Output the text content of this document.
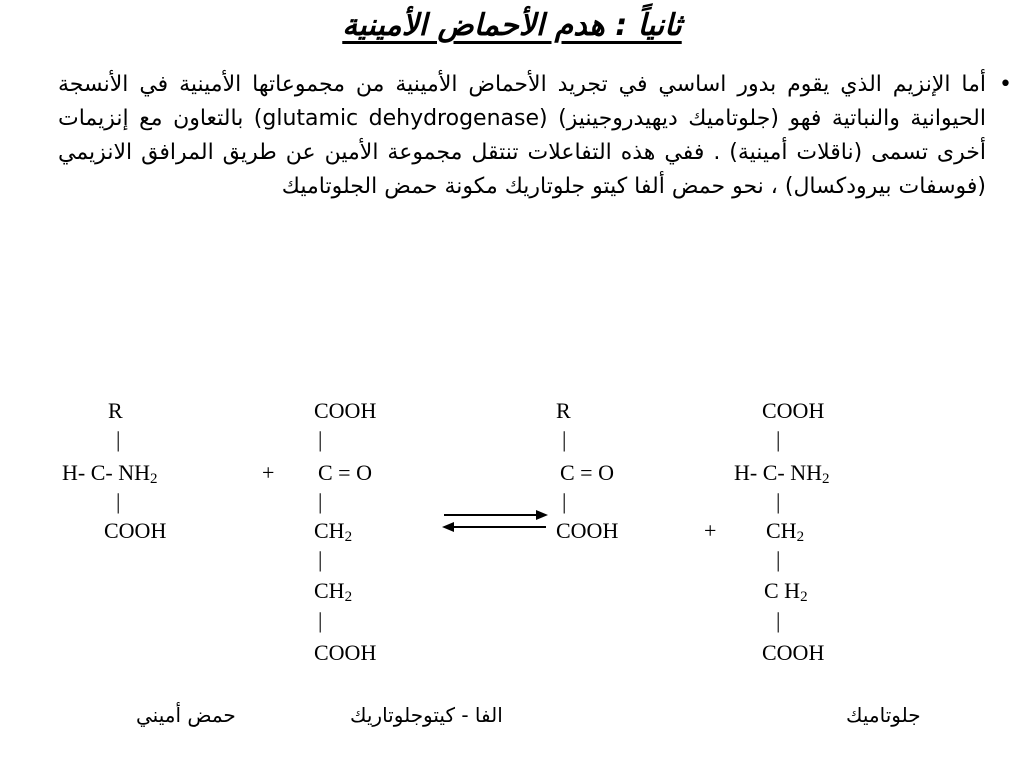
ثانياً : هدم الأحماض الأمينية
•
أما الإنزيم الذي يقوم بدور اساسي في تجريد الأحماض الأمينية من مجموعاتها الأمينية في الأنسجة الحيوانية والنباتية فهو (جلوتاميك ديهيدروجينيز) (glutamic dehydrogenase) بالتعاون مع إنزيمات أخرى تسمى (ناقلات أمينية) . ففي هذه التفاعلات تنتقل مجموعة الأمين عن طريق المرافق الانزيمي (فوسفات بيرودكسال) ، نحو حمض ألفا كيتو جلوتاريك مكونة حمض الجلوتاميك
R
|
H- C- $NH_2$
|
COOH
+
COOH
|
C = O
|
$CH_2$
|
$CH_2$
|
COOH
R
|
C = O
|
COOH	+
COOH
|
H- C- $NH_2$
|
$CH_2$
|
C $H_2$
|
COOH
حمض أميني	الفا - كيتوجلوتاريك	جلوتاميك
